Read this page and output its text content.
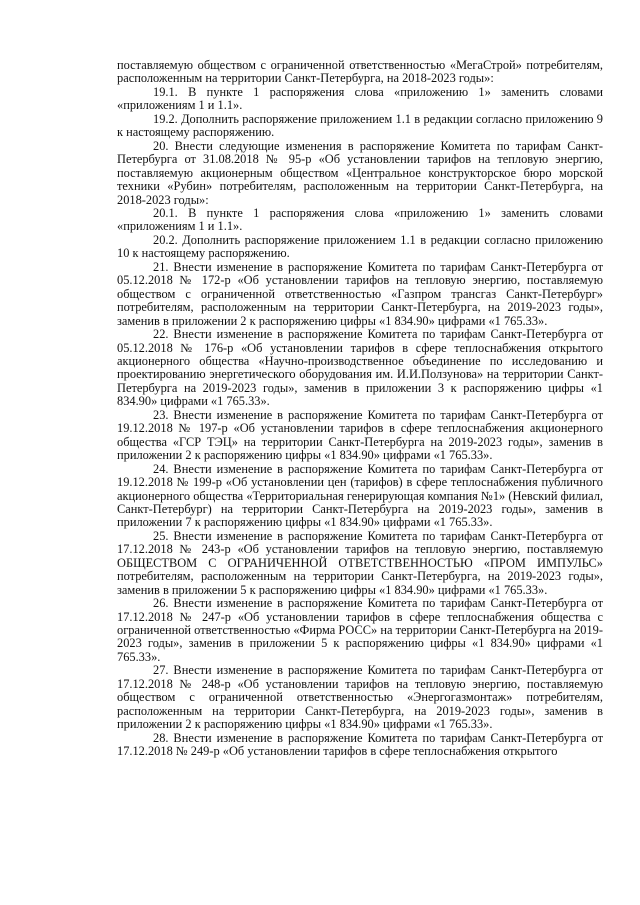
поставляемую обществом с ограниченной ответственностью «МегаСтрой» потребителям, расположенным на территории Санкт-Петербурга, на 2018-2023 годы»:

19.1. В пункте 1 распоряжения слова «приложению 1» заменить словами «приложениям 1 и 1.1».

19.2. Дополнить распоряжение приложением 1.1 в редакции согласно приложению 9 к настоящему распоряжению.

20. Внести следующие изменения в распоряжение Комитета по тарифам Санкт-Петербурга от 31.08.2018 № 95-р «Об установлении тарифов на тепловую энергию, поставляемую акционерным обществом «Центральное конструкторское бюро морской техники «Рубин» потребителям, расположенным на территории Санкт-Петербурга, на 2018-2023 годы»:

20.1. В пункте 1 распоряжения слова «приложению 1» заменить словами «приложениям 1 и 1.1».

20.2. Дополнить распоряжение приложением 1.1 в редакции согласно приложению 10 к настоящему распоряжению.

21. Внести изменение в распоряжение Комитета по тарифам Санкт-Петербурга от 05.12.2018 № 172-р «Об установлении тарифов на тепловую энергию, поставляемую обществом с ограниченной ответственностью «Газпром трансгаз Санкт-Петербург» потребителям, расположенным на территории Санкт-Петербурга, на 2019-2023 годы», заменив в приложении 2 к распоряжению цифры «1 834.90» цифрами «1 765.33».

22. Внести изменение в распоряжение Комитета по тарифам Санкт-Петербурга от 05.12.2018 № 176-р «Об установлении тарифов в сфере теплоснабжения открытого акционерного общества «Научно-производственное объединение по исследованию и проектированию энергетического оборудования им. И.И.Ползунова» на территории Санкт-Петербурга на 2019-2023 годы», заменив в приложении 3 к распоряжению цифры «1 834.90» цифрами «1 765.33».

23. Внести изменение в распоряжение Комитета по тарифам Санкт-Петербурга от 19.12.2018 № 197-р «Об установлении тарифов в сфере теплоснабжения акционерного общества «ГСР ТЭЦ» на территории Санкт-Петербурга на 2019-2023 годы», заменив в приложении 2 к распоряжению цифры «1 834.90» цифрами «1 765.33».

24. Внести изменение в распоряжение Комитета по тарифам Санкт-Петербурга от 19.12.2018 № 199-р «Об установлении цен (тарифов) в сфере теплоснабжения публичного акционерного общества «Территориальная генерирующая компания №1» (Невский филиал, Санкт-Петербург) на территории Санкт-Петербурга на 2019-2023 годы», заменив в приложении 7 к распоряжению цифры «1 834.90» цифрами «1 765.33».

25. Внести изменение в распоряжение Комитета по тарифам Санкт-Петербурга от 17.12.2018 № 243-р «Об установлении тарифов на тепловую энергию, поставляемую ОБЩЕСТВОМ С ОГРАНИЧЕННОЙ ОТВЕТСТВЕННОСТЬЮ «ПРОМ ИМПУЛЬС» потребителям, расположенным на территории Санкт-Петербурга, на 2019-2023 годы», заменив в приложении 5 к распоряжению цифры «1 834.90» цифрами «1 765.33».

26. Внести изменение в распоряжение Комитета по тарифам Санкт-Петербурга от 17.12.2018 № 247-р «Об установлении тарифов в сфере теплоснабжения общества с ограниченной ответственностью «Фирма РОСС» на территории Санкт-Петербурга на 2019-2023 годы», заменив в приложении 5 к распоряжению цифры «1 834.90» цифрами «1 765.33».

27. Внести изменение в распоряжение Комитета по тарифам Санкт-Петербурга от 17.12.2018 № 248-р «Об установлении тарифов на тепловую энергию, поставляемую обществом с ограниченной ответственностью «Энергогазмонтаж» потребителям, расположенным на территории Санкт-Петербурга, на 2019-2023 годы», заменив в приложении 2 к распоряжению цифры «1 834.90» цифрами «1 765.33».

28. Внести изменение в распоряжение Комитета по тарифам Санкт-Петербурга от 17.12.2018 № 249-р «Об установлении тарифов в сфере теплоснабжения открытого
